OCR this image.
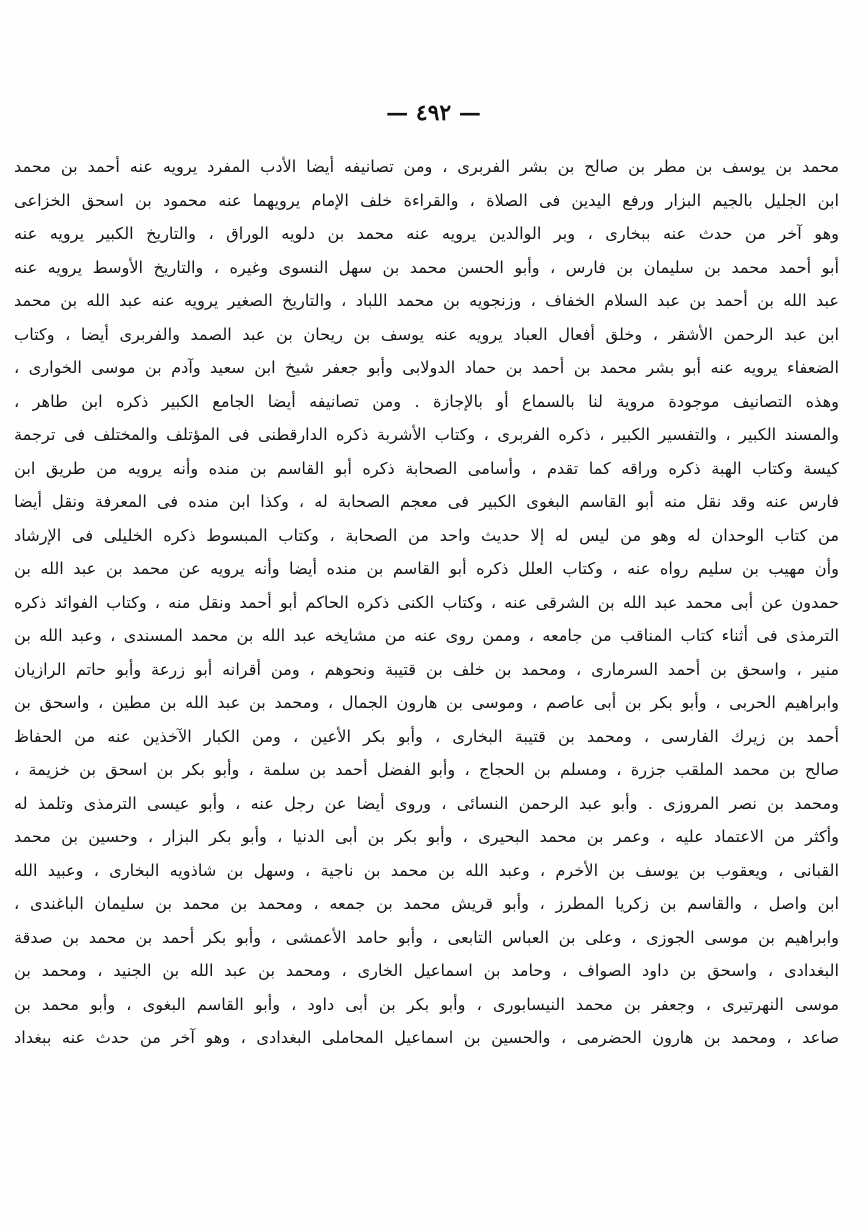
— ٤٩٢ —
محمد بن يوسف بن مطر بن صالح بن بشر الفربرى ، ومن تصانيفه أيضا الأدب المفرد يرويه عنه أحمد بن محمد
ابن الجليل بالجيم البزار ورفع اليدين فى الصلاة ، والقراءة خلف الإمام يرويهما عنه محمود بن اسحق الخزاعى
وهو آخر من حدث عنه ببخارى ، وبر الوالدين يرويه عنه محمد بن دلويه الوراق ، والتاريخ الكبير يرويه عنه
أبو أحمد محمد بن سليمان بن فارس ، وأبو الحسن محمد بن سهل النسوى وغيره ، والتاريخ الأوسط يرويه عنه
عبد الله بن أحمد بن عبد السلام الخفاف ، وزنجويه بن محمد اللباد ، والتاريخ الصغير يرويه عنه عبد الله بن محمد
ابن عبد الرحمن الأشقر ، وخلق أفعال العباد يرويه عنه يوسف بن ريحان بن عبد الصمد والفربرى أيضا ، وكتاب
الضعفاء يرويه عنه أبو بشر محمد بن أحمد بن حماد الدولابى وأبو جعفر شيخ ابن سعيد وآدم بن موسى الخوارى ،
وهذه التصانيف موجودة مروية لنا بالسماع أو بالإجازة . ومن تصانيفه أيضا الجامع الكبير ذكره ابن طاهر ،
والمسند الكبير ، والتفسير الكبير ، ذكره الفربرى ، وكتاب الأشربة ذكره الدارقطنى فى المؤتلف والمختلف فى ترجمة
كيسة وكتاب الهبة ذكره وراقه كما تقدم ، وأسامى الصحابة ذكره أبو القاسم بن منده وأنه يرويه من طريق ابن
فارس عنه وقد نقل منه أبو القاسم البغوى الكبير فى معجم الصحابة له ، وكذا ابن منده فى المعرفة ونقل أيضا
من كتاب الوحدان له وهو من ليس له إلا حديث واحد من الصحابة ، وكتاب المبسوط ذكره الخليلى فى الإرشاد
وأن مهيب بن سليم رواه عنه ، وكتاب العلل ذكره أبو القاسم بن منده أيضا وأنه يرويه عن محمد بن عبد الله بن
حمدون عن أبى محمد عبد الله بن الشرقى عنه ، وكتاب الكنى ذكره الحاكم أبو أحمد ونقل منه ، وكتاب الفوائد ذكره
الترمذى فى أثناء كتاب المناقب من جامعه ، وممن روى عنه من مشايخه عبد الله بن محمد المسندى ، وعبد الله بن
منير ، واسحق بن أحمد السرمارى ، ومحمد بن خلف بن قتيبة ونحوهم ، ومن أقرانه أبو زرعة وأبو حاتم الرازيان
وابراهيم الحربى ، وأبو بكر بن أبى عاصم ، وموسى بن هارون الجمال ، ومحمد بن عبد الله بن مطين ، واسحق بن
أحمد بن زيرك الفارسى ، ومحمد بن قتيبة البخارى ، وأبو بكر الأعين ، ومن الكبار الآخذين عنه من الحفاظ
صالح بن محمد الملقب جزرة ، ومسلم بن الحجاج ، وأبو الفضل أحمد بن سلمة ، وأبو بكر بن اسحق بن خزيمة ،
ومحمد بن نصر المروزى . وأبو عبد الرحمن النسائى ، وروى أيضا عن رجل عنه ، وأبو عيسى الترمذى وتلمذ له
وأكثر من الاعتماد عليه ، وعمر بن محمد البحيرى ، وأبو بكر بن أبى الدنيا ، وأبو بكر البزار ، وحسين بن محمد
القبانى ، ويعقوب بن يوسف بن الأخرم ، وعبد الله بن محمد بن ناجية ، وسهل بن شاذويه البخارى ، وعبيد الله
ابن واصل ، والقاسم بن زكريا المطرز ، وأبو قريش محمد بن جمعه ، ومحمد بن محمد بن سليمان الباغندى ،
وابراهيم بن موسى الجوزى ، وعلى بن العباس التابعى ، وأبو حامد الأعمشى ، وأبو بكر أحمد بن محمد بن صدقة
البغدادى ، واسحق بن داود الصواف ، وحامد بن اسماعيل الخارى ، ومحمد بن عبد الله بن الجنيد ، ومحمد بن
موسى النهرتيرى ، وجعفر بن محمد النيسابورى ، وأبو بكر بن أبى داود ، وأبو القاسم البغوى ، وأبو محمد بن
صاعد ، ومحمد بن هارون الحضرمى ، والحسين بن اسماعيل المحاملى البغدادى ، وهو آخر من حدث عنه ببغداد
